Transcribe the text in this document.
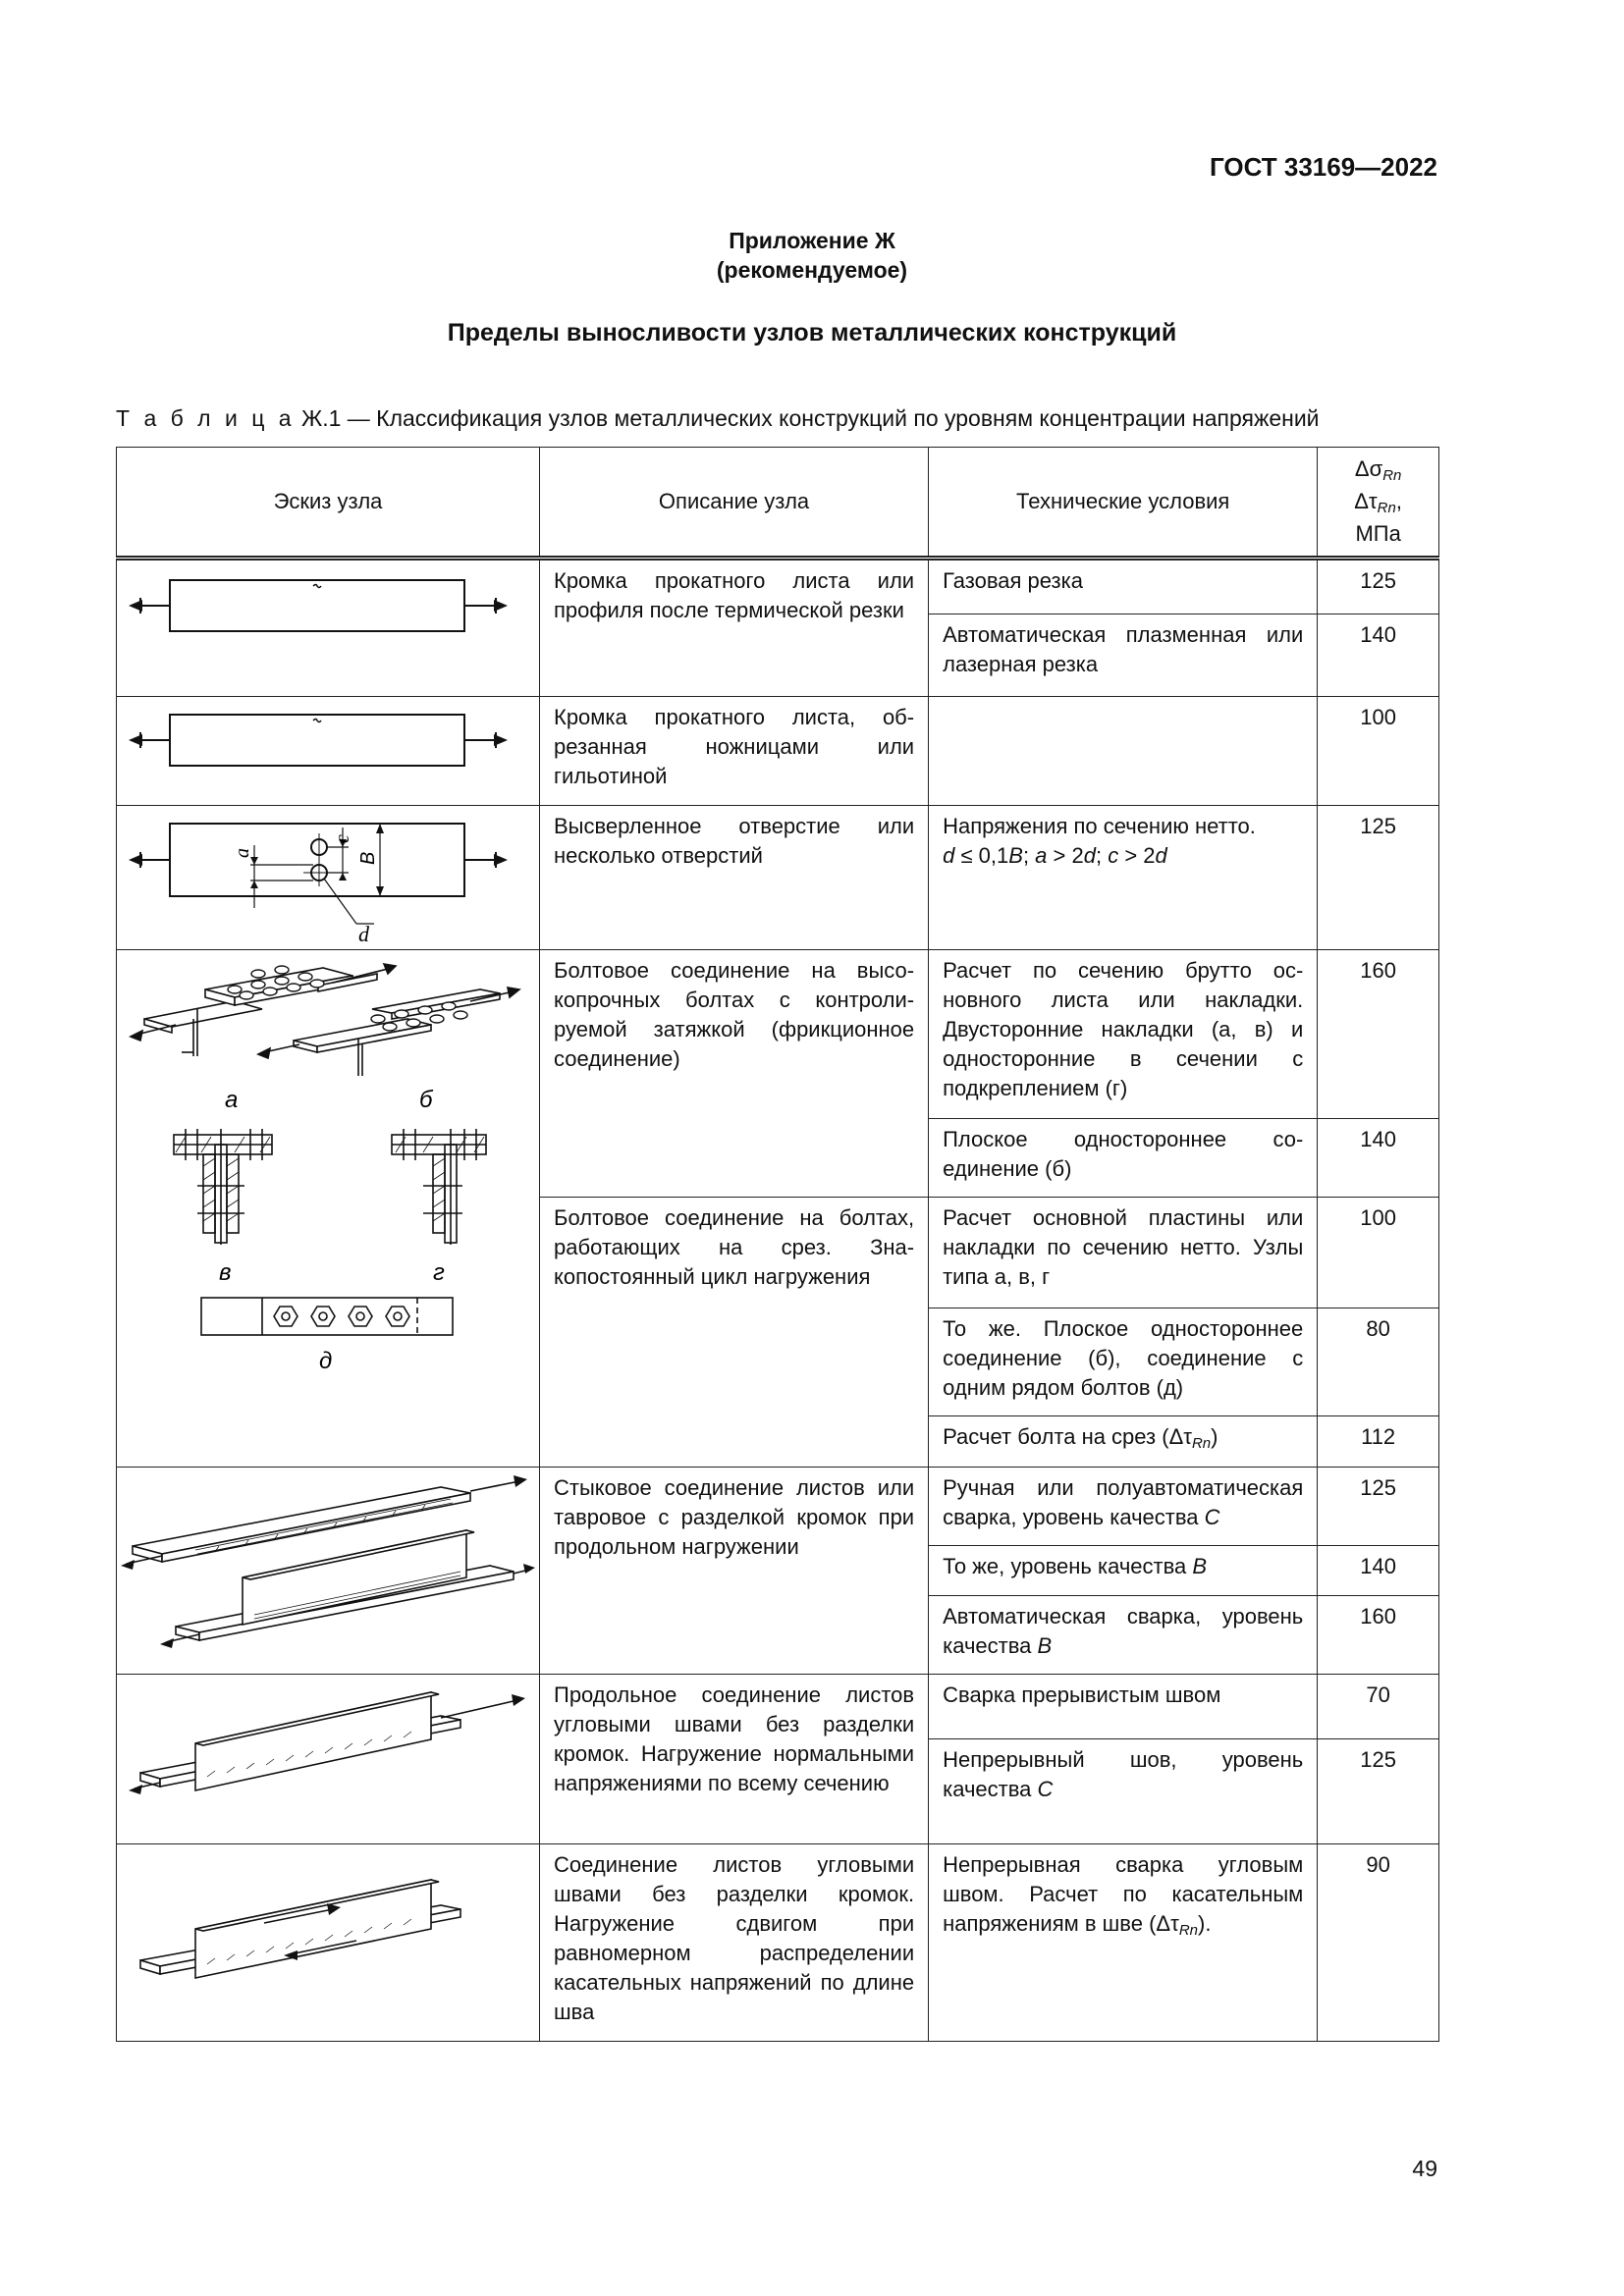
ГОСТ 33169—2022
Приложение Ж
(рекомендуемое)
Пределы выносливости узлов металлических конструкций
Т а б л и ц а Ж.1 — Классификация узлов металлических конструкций по уровням концентрации напряжений
Эскиз узла	Описание узла	Технические условия	$\Delta\sigma_{Rn}$
$\Delta\tau_{Rn}$,
МПа

	Кромка прокатного листа или профиля после термической резки	Газовая резка	125
		Автоматическая плазменная или лазерная резка	140

	Кромка прокатного листа, обрезанная ножницами или гильотиной		100

a
c
B
d	Высверленное отверстие или несколько отверстий	Напряжения по сечению нетто.
d ≤ 0,1B; a > 2d; c > 2d	125

а б
в г
д	Болтовое соединение на высокопрочных болтах с контролируемой затяжкой (фрикционное соединение)	Расчет по сечению брутто основного листа или накладки. Двусторонние накладки (а, в) и односторонние в сечении с подкреплением (г)	160
		Плоское одностороннее соединение (б)	140
	Болтовое соединение на болтах, работающих на срез. Знакопостоянный цикл нагружения	Расчет основной пластины или накладки по сечению нетто. Узлы типа а, в, г	100
		То же. Плоское одностороннее соединение (б), соединение с одним рядом болтов (д)	80
		Расчет болта на срез $(\Delta\tau_{Rn})$	112

	Стыковое соединение листов или тавровое с разделкой кромок при продольном нагружении	Ручная или полуавтоматическая сварка, уровень качества C	125
		То же, уровень качества B	140
		Автоматическая сварка, уровень качества B	160

	Продольное соединение листов угловыми швами без разделки кромок. Нагружение нормальными напряжениями по всему сечению	Сварка прерывистым швом	70
		Непрерывный шов, уровень качества C	125

	Соединение листов угловыми швами без разделки кромок. Нагружение сдвигом при равномерном распределении касательных напряжений по длине шва	Непрерывная сварка угловым швом. Расчет по касательным напряжениям в шве $(\Delta\tau_{Rn})$.	90
49
